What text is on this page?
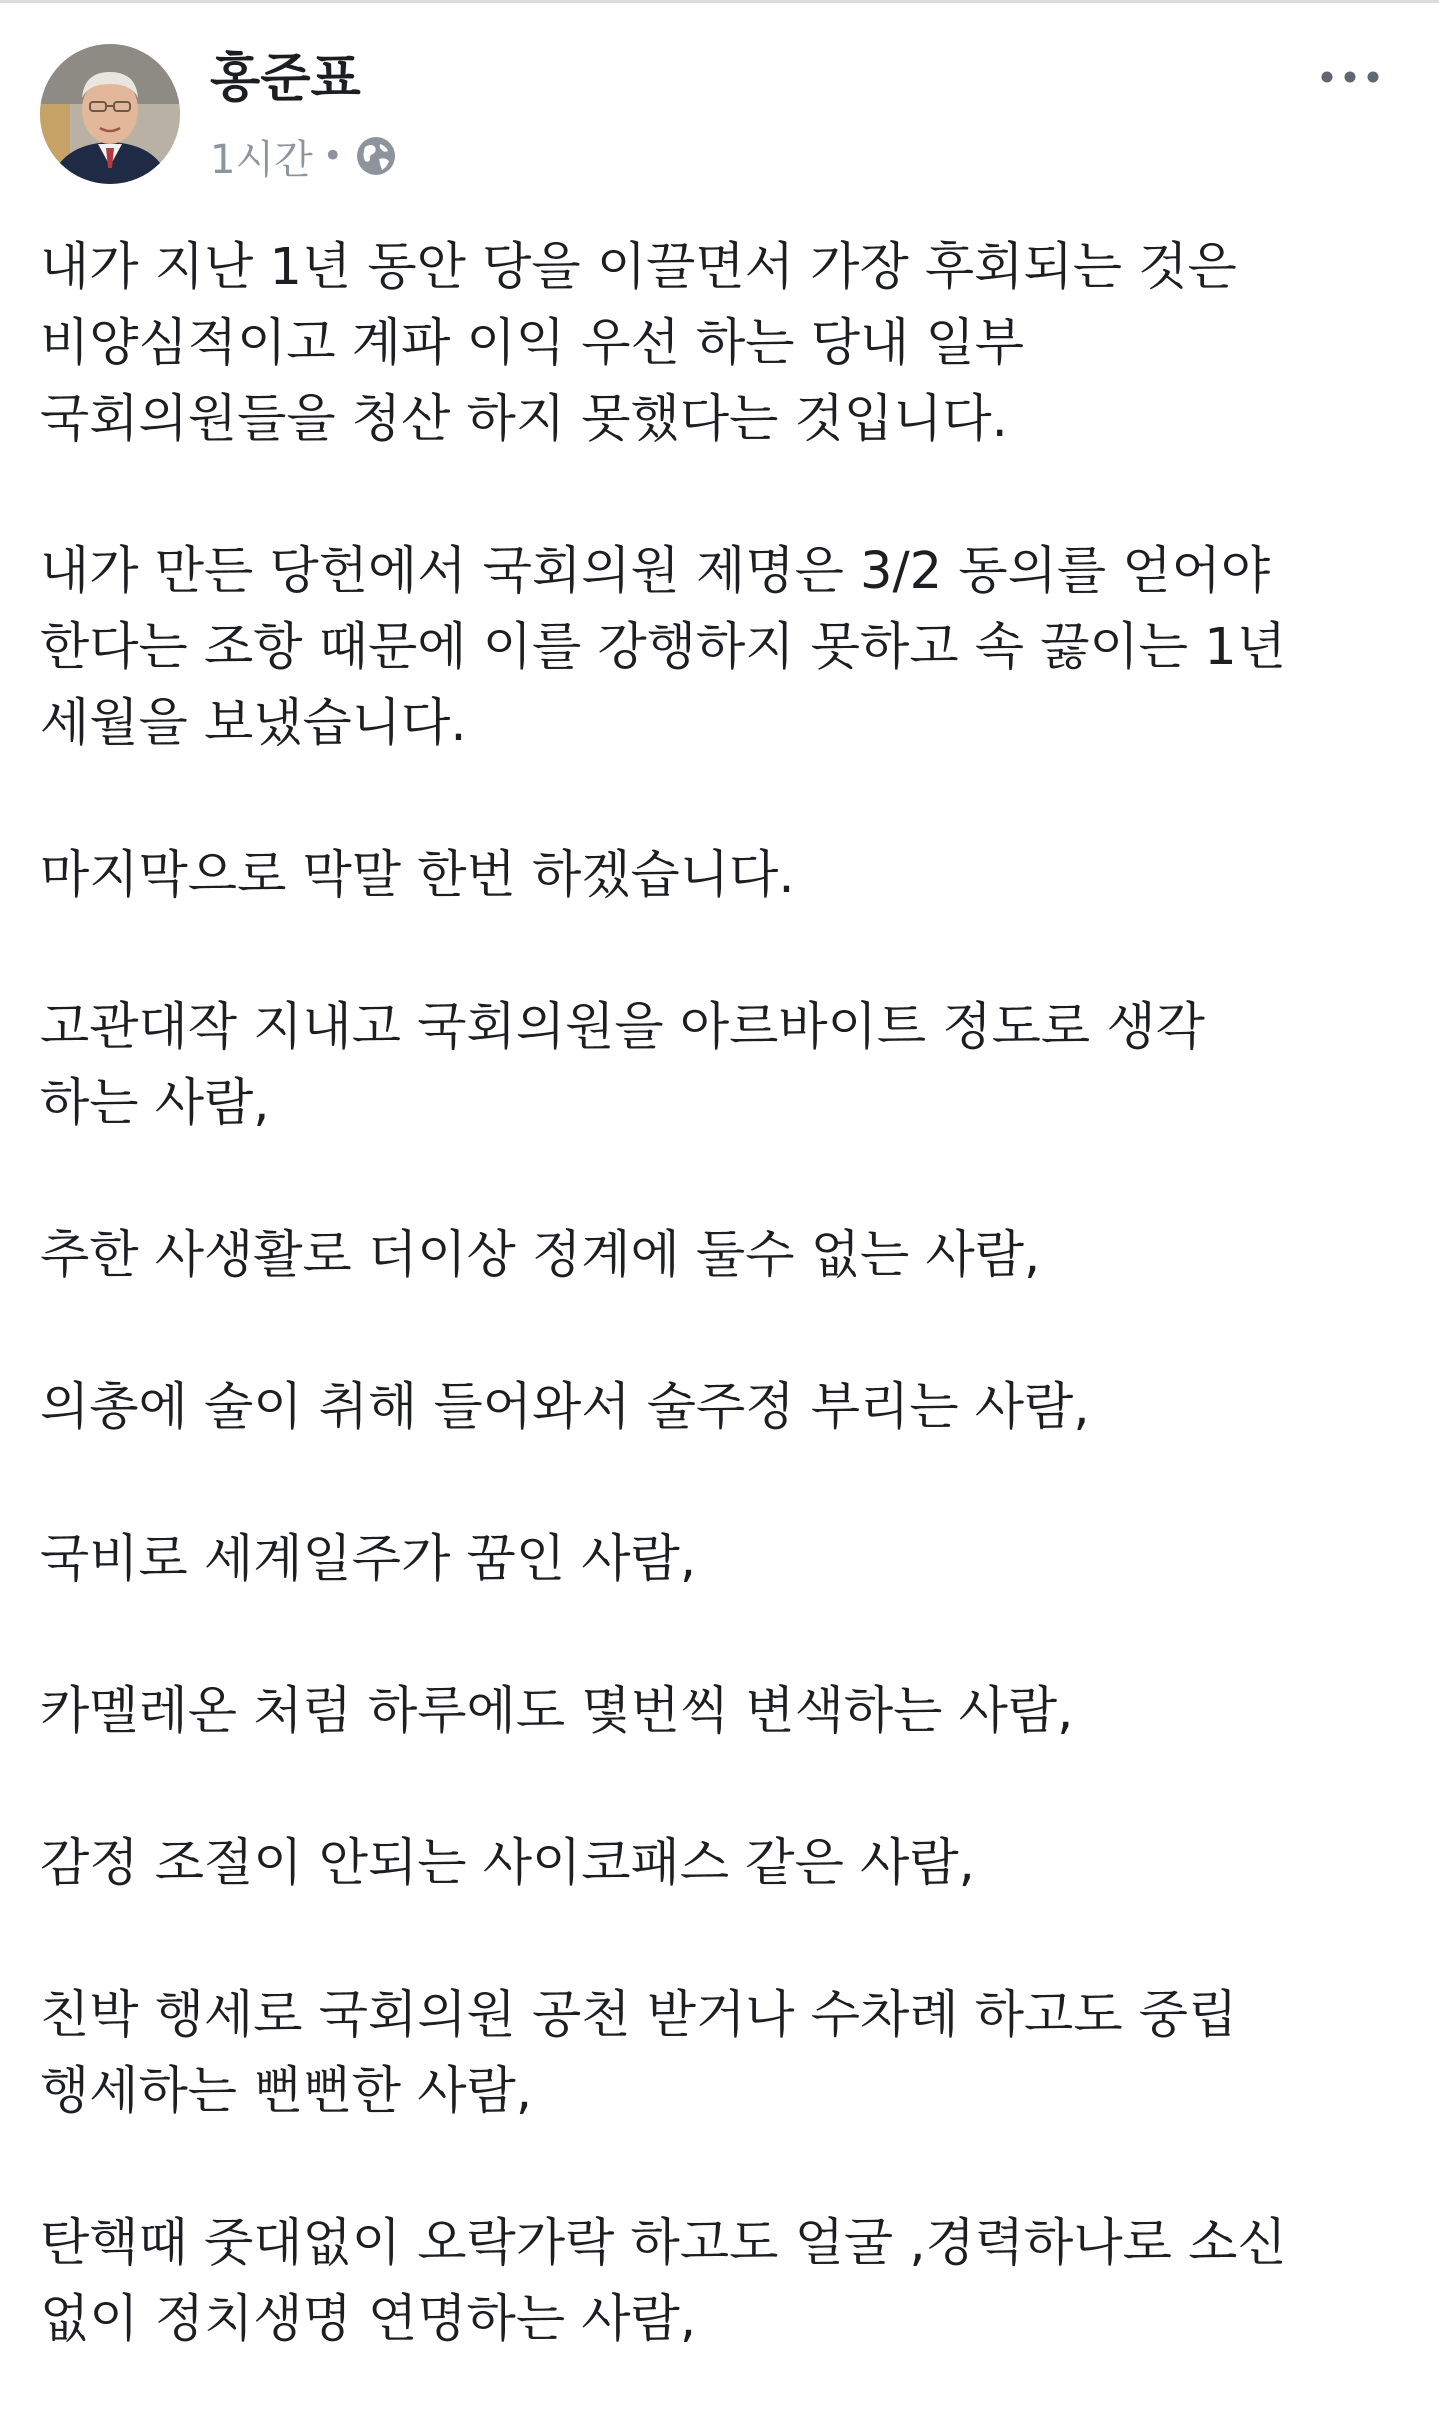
홍준표
1시간 •
내가 지난 1년 동안 당을 이끌면서 가장 후회되는 것은
비양심적이고 계파 이익 우선 하는 당내 일부
국회의원들을 청산 하지 못했다는 것입니다.
내가 만든 당헌에서 국회의원 제명은 3/2 동의를 얻어야
한다는 조항 때문에 이를 강행하지 못하고 속 끓이는 1년
세월을 보냈습니다.
마지막으로 막말 한번 하겠습니다.
고관대작 지내고 국회의원을 아르바이트 정도로 생각
하는 사람,
추한 사생활로 더이상 정계에 둘수 없는 사람,
의총에 술이 취해 들어와서 술주정 부리는 사람,
국비로 세계일주가 꿈인 사람,
카멜레온 처럼 하루에도 몇번씩 변색하는 사람,
감정 조절이 안되는 사이코패스 같은 사람,
친박 행세로 국회의원 공천 받거나 수차례 하고도 중립
행세하는 뻔뻔한 사람,
탄핵때 줏대없이 오락가락 하고도 얼굴 ,경력하나로 소신
없이 정치생명 연명하는 사람,
